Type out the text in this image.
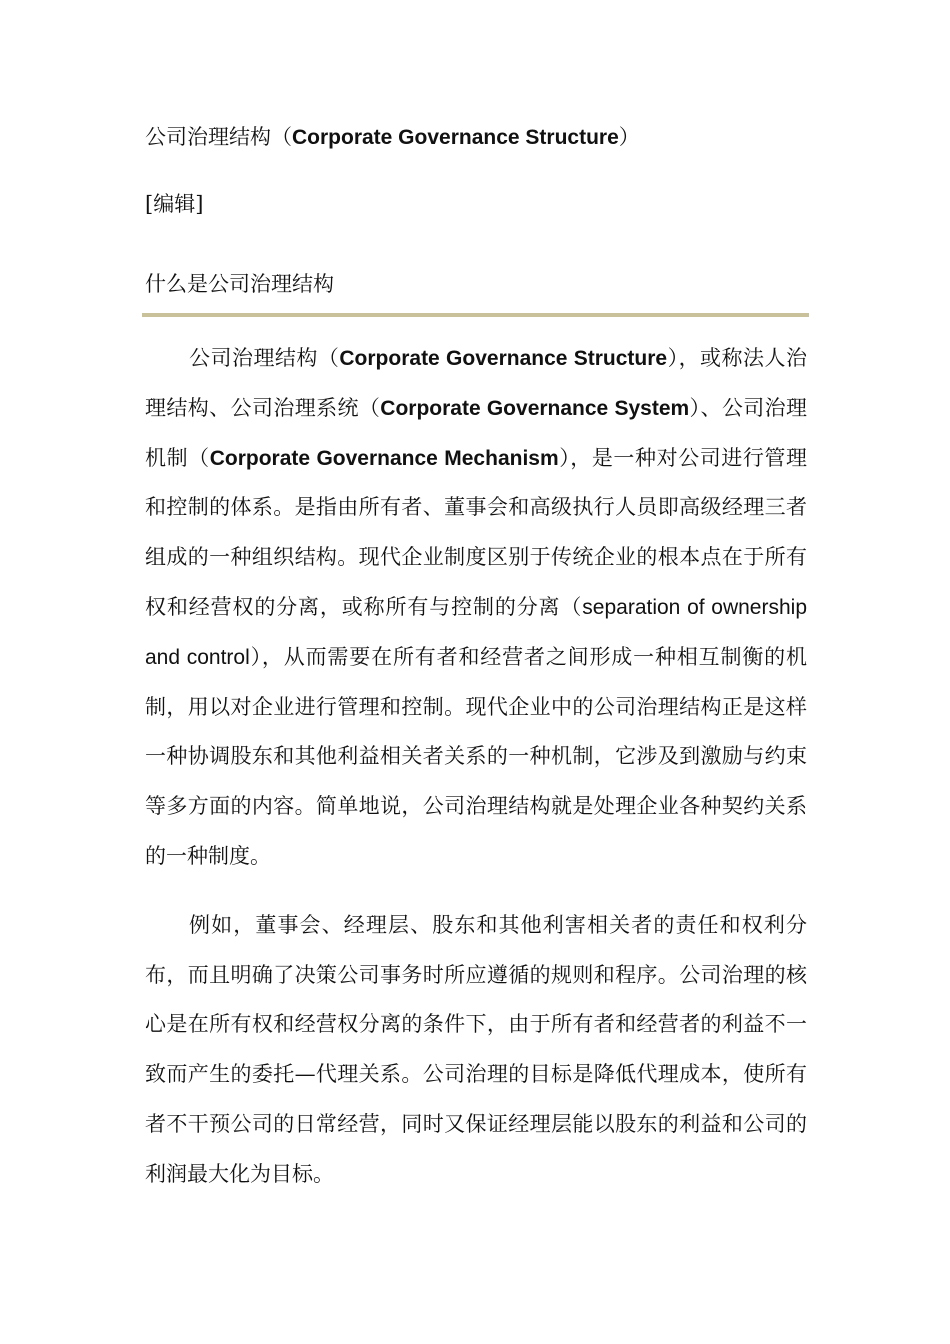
公司治理结构（Corporate Governance Structure）
[编辑]
什么是公司治理结构

公司治理结构（Corporate Governance Structure），或称法人治理结构、公司治理系统（Corporate Governance System）、公司治理机制（Corporate Governance Mechanism），是一种对公司进行管理和控制的体系。是指由所有者、董事会和高级执行人员即高级经理三者组成的一种组织结构。现代企业制度区别于传统企业的根本点在于所有权和经营权的分离，或称所有与控制的分离（separation of ownership and control），从而需要在所有者和经营者之间形成一种相互制衡的机制，用以对企业进行管理和控制。现代企业中的公司治理结构正是这样一种协调股东和其他利益相关者关系的一种机制，它涉及到激励与约束等多方面的内容。简单地说，公司治理结构就是处理企业各种契约关系的一种制度。

例如，董事会、经理层、股东和其他利害相关者的责任和权利分布，而且明确了决策公司事务时所应遵循的规则和程序。公司治理的核心是在所有权和经营权分离的条件下，由于所有者和经营者的利益不一致而产生的委托—代理关系。公司治理的目标是降低代理成本，使所有者不干预公司的日常经营，同时又保证经理层能以股东的利益和公司的利润最大化为目标。
